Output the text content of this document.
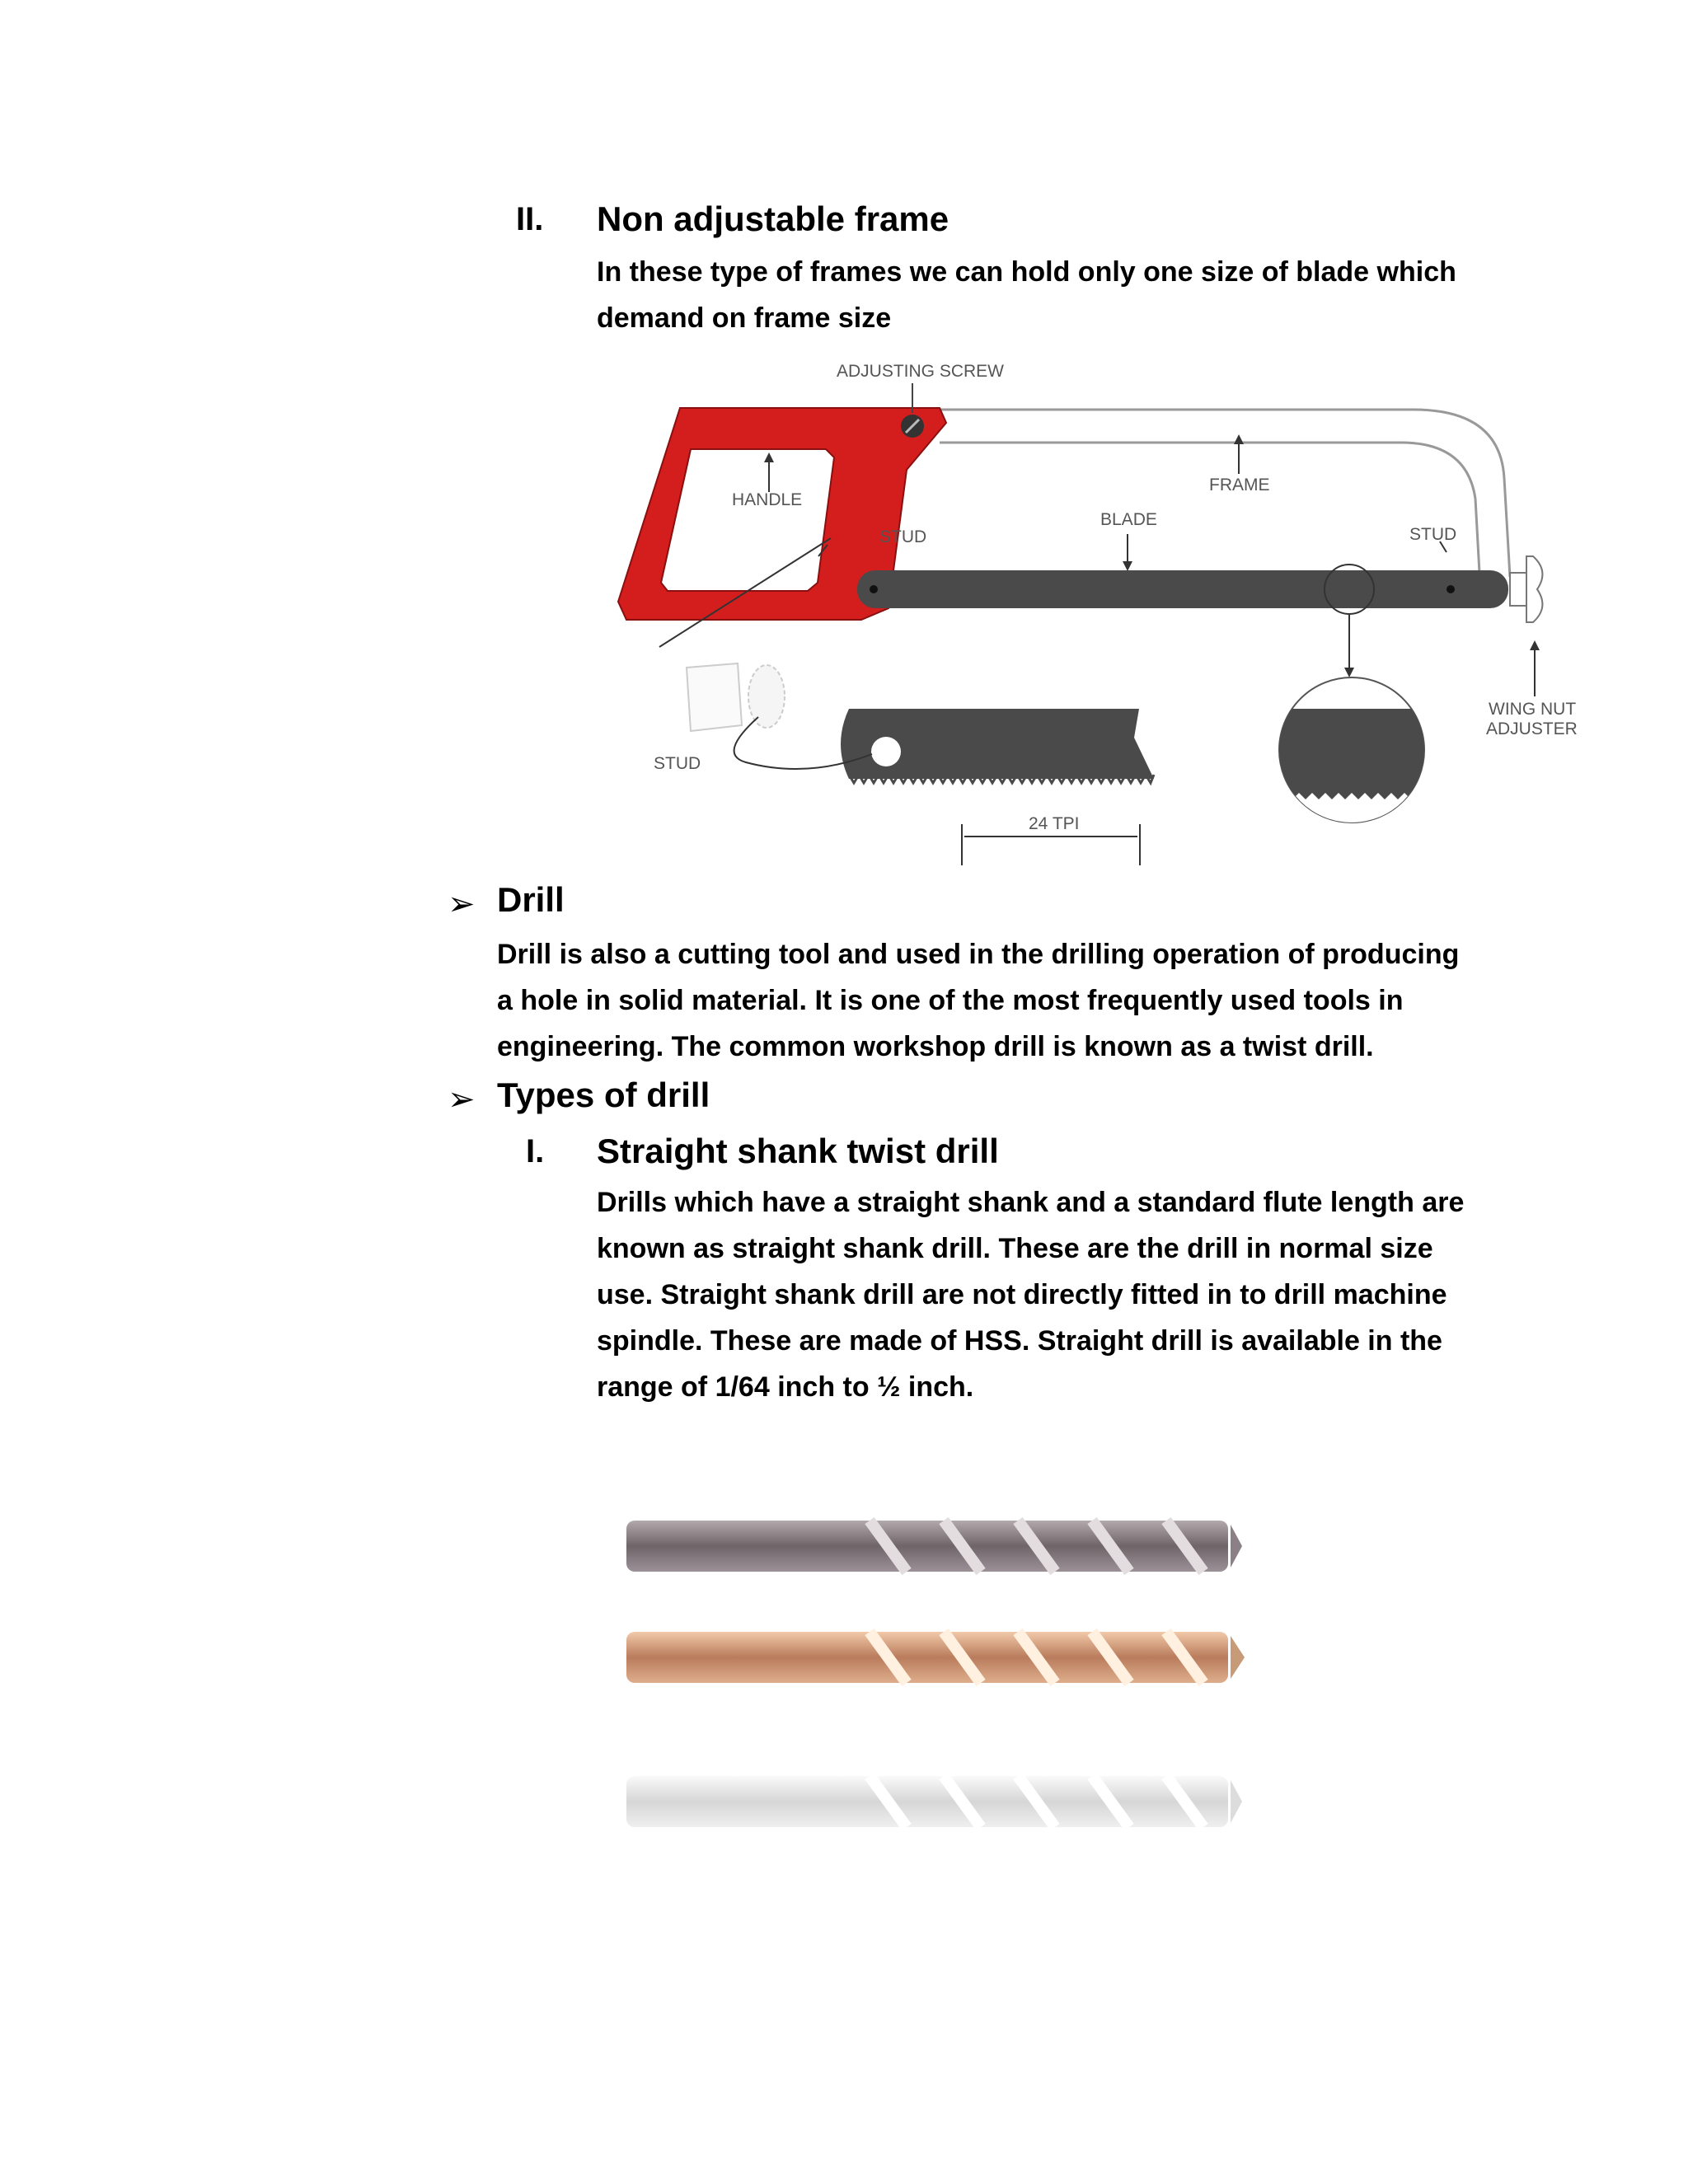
II. Non adjustable frame
In these type of frames we can hold only one size of blade which
demand on frame size
ADJUSTING SCREW
HANDLE
FRAME
BLADE
STUD	STUD
STUD
WING NUT
ADJUSTER
24 TPI
➢ Drill
Drill is also a cutting tool and used in the drilling operation of producing
a hole in solid material. It is one of the most frequently used tools in
engineering. The common workshop drill is known as a twist drill.
➢ Types of drill
I. Straight shank twist drill
Drills which have a straight shank and a standard flute length are
known as straight shank drill. These are the drill in normal size
use. Straight shank drill are not directly fitted in to drill machine
spindle. These are made of HSS. Straight drill is available in the
range of 1/64 inch to ½ inch.
